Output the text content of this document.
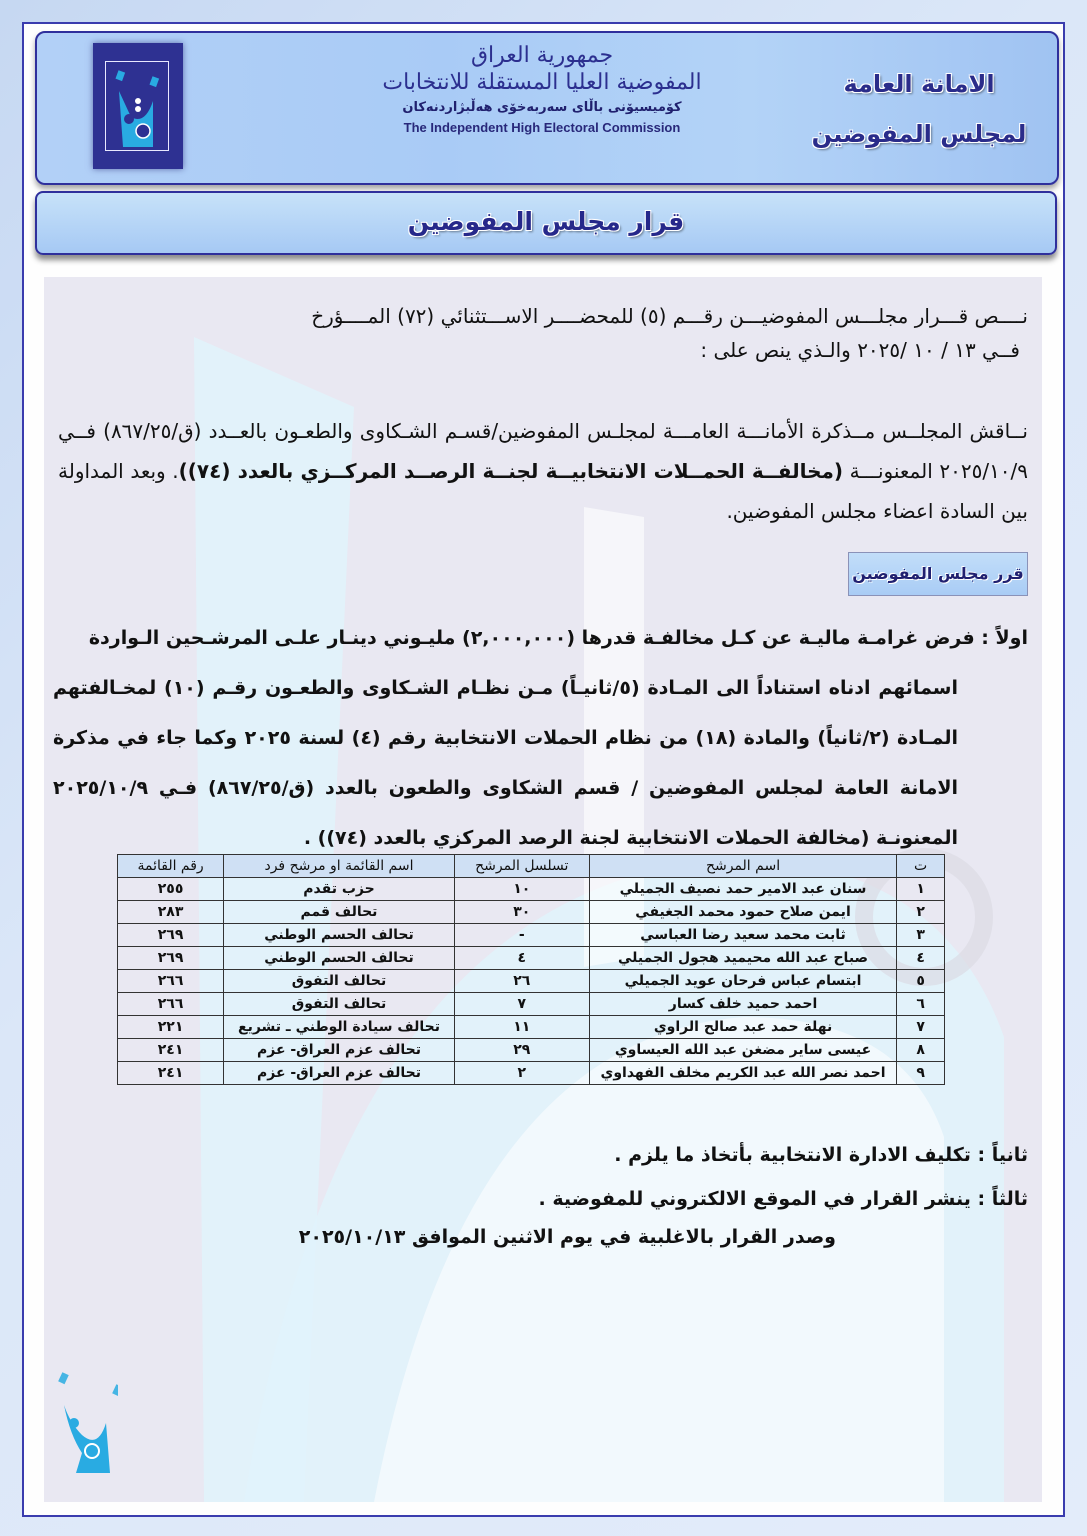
جمهورية العراق
المفوضية العليا المستقلة للانتخابات
کۆمیسیۆنی باڵای سەربەخۆی هەڵبژاردنەکان
The Independent High Electoral Commission
الامانة العامة
لمجلس المفوضين
قرار مجلس المفوضين
نــــص قـــرار مجلـــس المفوضيـــن رقـــم (٥) للمحضــــر الاســـتثنائي (٧٢) المــــؤرخ
فــي ١٣ / ١٠ /٢٠٢٥ والـذي ينص على :
نــاقش المجلــس مــذكرة الأمانـــة العامـــة لمجلـس المفوضين/قسـم الشـكاوى والطعـون بالعــدد (ق/٨٦٧/٢٥) فــي ٢٠٢٥/١٠/٩ المعنونـــة (مخالفــة الحمــلات الانتخابيــة لجنــة الرصــد المركــزي بالعدد (٧٤)). وبعد المداولة بين السادة اعضاء مجلس المفوضين.
قرر مجلس المفوضين
اولاً : فرض غرامـة ماليـة عن كـل مخالفـة قدرها (٢,٠٠٠,٠٠٠) مليـوني دينـار علـى المرشـحين الـواردة
اسمائهم ادناه استناداً الى المـادة (٥/ثانيـاً) مـن نظـام الشـكاوى والطعـون رقـم (١٠) لمخـالفتهم المـادة (٢/ثانياً) والمادة (١٨) من نظام الحملات الانتخابية رقم (٤) لسنة ٢٠٢٥ وكما جاء في مذكرة الامانة العامة لمجلس المفوضين / قسم الشكاوى والطعون بالعدد (ق/٨٦٧/٢٥) فـي ٢٠٢٥/١٠/٩ المعنونـة (مخالفة الحملات الانتخابية لجنة الرصد المركزي بالعدد (٧٤)) .
ت	اسم المرشح	تسلسل المرشح	اسم القائمة او مرشح فرد	رقم القائمة
١	سنان عبد الامير حمد نصيف الجميلي	١٠	حزب تقدم	٢٥٥
٢	ايمن صلاح حمود محمد الجغيفي	٣٠	تحالف قمم	٢٨٣
٣	ثابت محمد سعيد رضا العباسي	-	تحالف الحسم الوطني	٢٦٩
٤	صباح عبد الله محيميد هجول الجميلي	٤	تحالف الحسم الوطني	٢٦٩
٥	ابتسام عباس فرحان عويد الجميلي	٢٦	تحالف التفوق	٢٦٦
٦	احمد حميد خلف كسار	٧	تحالف التفوق	٢٦٦
٧	نهلة حمد عبد صالح الراوي	١١	تحالف سيادة الوطني ـ تشريع	٢٢١
٨	عيسى ساير مضغن عبد الله العيساوي	٢٩	تحالف عزم العراق- عزم	٢٤١
٩	احمد نصر الله عبد الكريم مخلف الفهداوي	٢	تحالف عزم العراق- عزم	٢٤١
ثانياً : تكليف الادارة الانتخابية بأتخاذ ما يلزم .
ثالثاً : ينشر القرار في الموقع الالكتروني للمفوضية .
وصدر القرار بالاغلبية في يوم الاثنين الموافق ٢٠٢٥/١٠/١٣
